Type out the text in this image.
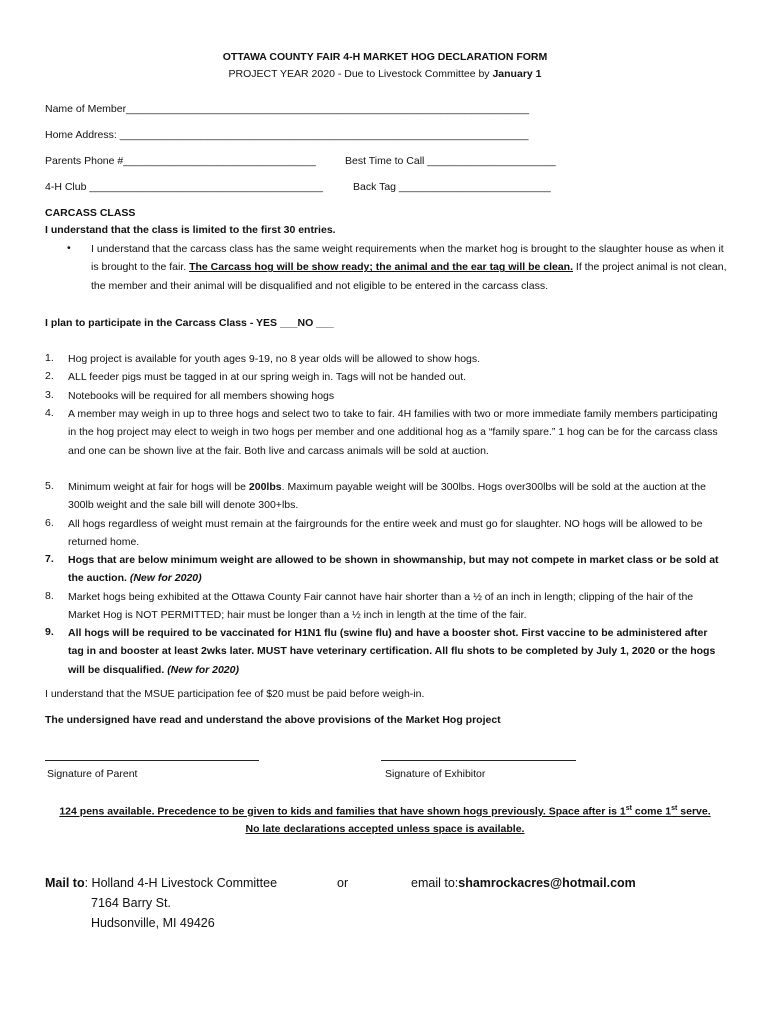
OTTAWA COUNTY FAIR 4-H MARKET HOG DECLARATION FORM
PROJECT YEAR 2020 - Due to Livestock Committee by January 1
Name of Member_____________________________________________________________________
Home Address: ______________________________________________________________________
Parents Phone #_________________________________	Best Time to Call ______________________
4-H Club ________________________________________	Back Tag __________________________
CARCASS CLASS
I understand that the class is limited to the first 30 entries.
• I understand that the carcass class has the same weight requirements when the market hog is brought to the slaughter house as when it is brought to the fair. The Carcass hog will be show ready; the animal and the ear tag will be clean. If the project animal is not clean, the member and their animal will be disqualified and not eligible to be entered in the carcass class.
I plan to participate in the Carcass Class - YES ___NO ___
1. Hog project is available for youth ages 9-19, no 8 year olds will be allowed to show hogs.
2. ALL feeder pigs must be tagged in at our spring weigh in. Tags will not be handed out.
3. Notebooks will be required for all members showing hogs
4. A member may weigh in up to three hogs and select two to take to fair. 4H families with two or more immediate family members participating in the hog project may elect to weigh in two hogs per member and one additional hog as a “family spare.” 1 hog can be for the carcass class and one can be shown live at the fair. Both live and carcass animals will be sold at auction.
5. Minimum weight at fair for hogs will be 200lbs. Maximum payable weight will be 300lbs. Hogs over300lbs will be sold at the auction at the 300lb weight and the sale bill will denote 300+lbs.
6. All hogs regardless of weight must remain at the fairgrounds for the entire week and must go for slaughter. NO hogs will be allowed to be returned home.
7. Hogs that are below minimum weight are allowed to be shown in showmanship, but may not compete in market class or be sold at the auction. (New for 2020)
8. Market hogs being exhibited at the Ottawa County Fair cannot have hair shorter than a ½ of an inch in length; clipping of the hair of the Market Hog is NOT PERMITTED; hair must be longer than a ½ inch in length at the time of the fair.
9. All hogs will be required to be vaccinated for H1N1 flu (swine flu) and have a booster shot. First vaccine to be administered after tag in and booster at least 2wks later. MUST have veterinary certification. All flu shots to be completed by July 1, 2020 or the hogs will be disqualified. (New for 2020)
I understand that the MSUE participation fee of $20 must be paid before weigh-in.
The undersigned have read and understand the above provisions of the Market Hog project
Signature of Parent	Signature of Exhibitor
124 pens available. Precedence to be given to kids and families that have shown hogs previously. Space after is 1st come 1st serve.
No late declarations accepted unless space is available.
Mail to: Holland 4-H Livestock Committee	or	email to:shamrockacres@hotmail.com
7164 Barry St.
Hudsonville, MI 49426
